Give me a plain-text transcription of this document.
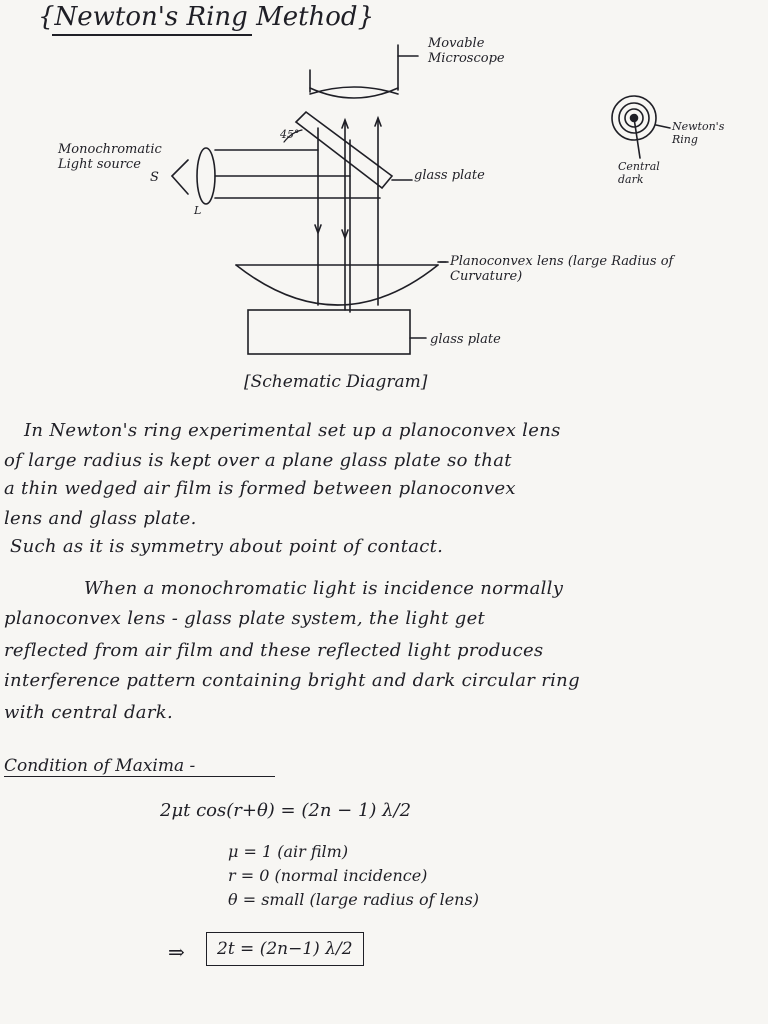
{Newton's Ring Method}
Movable Microscope
Monochromatic Light source
S
L
45°
glass plate
Planoconvex lens (large Radius of Curvature)
glass plate
Newton's Ring
Central dark
[Schematic Diagram]
In Newton's ring experimental set up a planoconvex lens
of large radius is kept over a plane glass plate so that
a thin wedged air film is formed between planoconvex
lens and glass plate.
Such as it is symmetry about point of contact.
When a monochromatic light is incidence normally
planoconvex lens - glass plate system, the light get
reflected from air film and these reflected light produces
interference pattern containing bright and dark circular ring
with central dark.
Condition of Maxima -
2μt cos(r+θ) = (2n − 1) λ/2
μ = 1 (air film)
r = 0 (normal incidence)
θ = small (large radius of lens)
⇒	2t = (2n−1) λ/2
